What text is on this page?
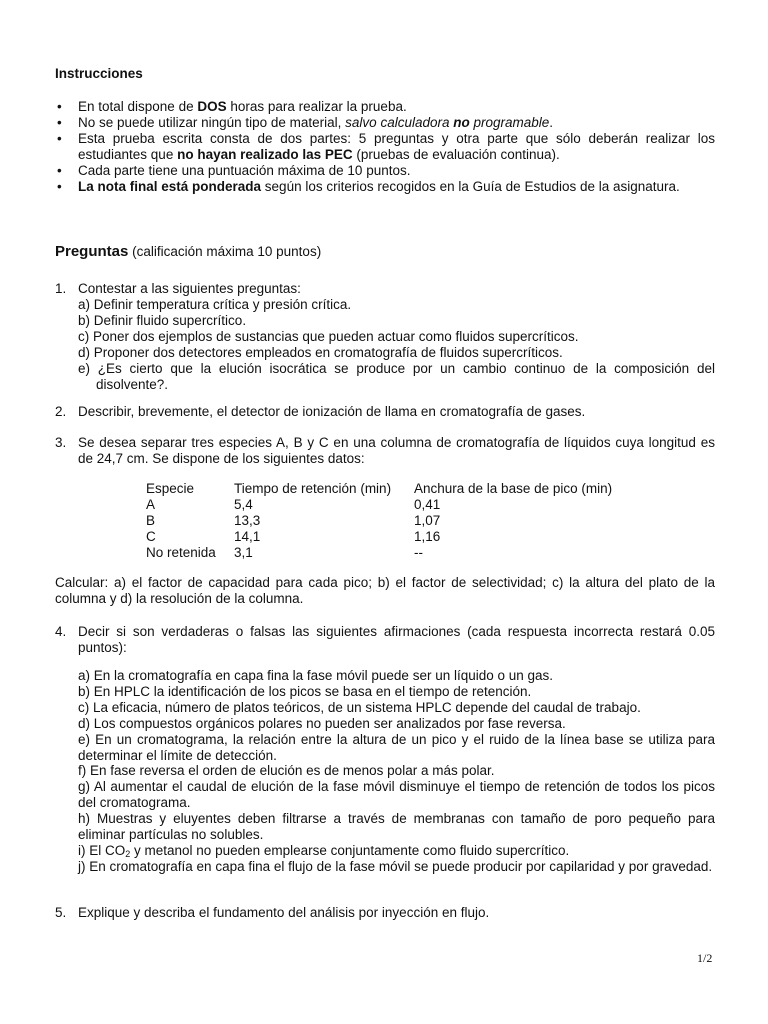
Instrucciones
• En total dispone de DOS horas para realizar la prueba.
• No se puede utilizar ningún tipo de material, salvo calculadora no programable.
• Esta prueba escrita consta de dos partes: 5 preguntas y otra parte que sólo deberán realizar los estudiantes que no hayan realizado las PEC (pruebas de evaluación continua).
• Cada parte tiene una puntuación máxima de 10 puntos.
• La nota final está ponderada según los criterios recogidos en la Guía de Estudios de la asignatura.
Preguntas (calificación máxima 10 puntos)
1. Contestar a las siguientes preguntas:
a) Definir temperatura crítica y presión crítica.
b) Definir fluido supercrítico.
c) Poner dos ejemplos de sustancias que pueden actuar como fluidos supercríticos.
d) Proponer dos detectores empleados en cromatografía de fluidos supercríticos.
e) ¿Es cierto que la elución isocrática se produce por un cambio continuo de la composición del disolvente?.
2. Describir, brevemente, el detector de ionización de llama en cromatografía de gases.
3. Se desea separar tres especies A, B y C en una columna de cromatografía de líquidos cuya longitud es de 24,7 cm. Se dispone de los siguientes datos:
Especie	Tiempo de retención (min)	Anchura de la base de pico (min)
A	5,4	0,41
B	13,3	1,07
C	14,1	1,16
No retenida	3,1	--
Calcular: a) el factor de capacidad para cada pico; b) el factor de selectividad; c) la altura del plato de la columna y d) la resolución de la columna.
4. Decir si son verdaderas o falsas las siguientes afirmaciones (cada respuesta incorrecta restará 0.05 puntos):
a) En la cromatografía en capa fina la fase móvil puede ser un líquido o un gas.
b) En HPLC la identificación de los picos se basa en el tiempo de retención.
c) La eficacia, número de platos teóricos, de un sistema HPLC depende del caudal de trabajo.
d) Los compuestos orgánicos polares no pueden ser analizados por fase reversa.
e) En un cromatograma, la relación entre la altura de un pico y el ruido de la línea base se utiliza para determinar el límite de detección.
f) En fase reversa el orden de elución es de menos polar a más polar.
g) Al aumentar el caudal de elución de la fase móvil disminuye el tiempo de retención de todos los picos del cromatograma.
h) Muestras y eluyentes deben filtrarse a través de membranas con tamaño de poro pequeño para eliminar partículas no solubles.
i) El $CO_2$ y metanol no pueden emplearse conjuntamente como fluido supercrítico.
j) En cromatografía en capa fina el flujo de la fase móvil se puede producir por capilaridad y por gravedad.
5. Explique y describa el fundamento del análisis por inyección en flujo.
1/2
